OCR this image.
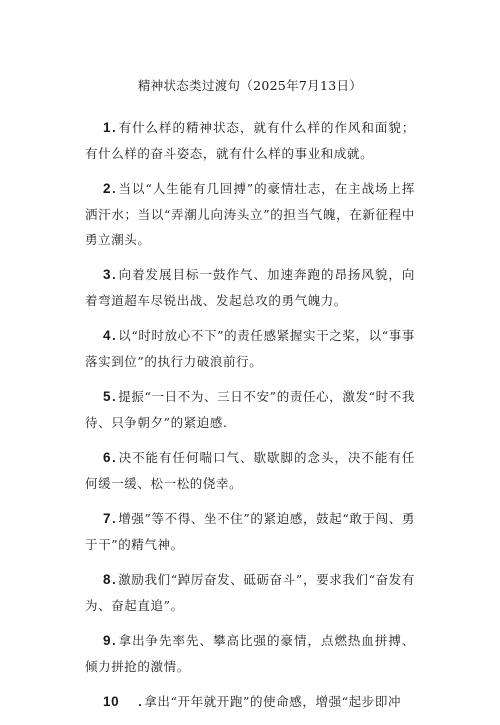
精神状态类过渡句（2025年7月13日）

1. 有什么样的精神状态，就有什么样的作风和面貌；有什么样的奋斗姿态，就有什么样的事业和成就。

2. 当以“人生能有几回搏”的豪情壮志，在主战场上挥洒汗水；当以“弄潮儿向涛头立”的担当气魄，在新征程中勇立潮头。

3. 向着发展目标一鼓作气、加速奔跑的昂扬风貌，向着弯道超车尽锐出战、发起总攻的勇气魄力。

4. 以“时时放心不下”的责任感紧握实干之桨，以“事事落实到位”的执行力破浪前行。

5. 提振“一日不为、三日不安”的责任心，激发“时不我待、只争朝夕”的紧迫感.

6. 决不能有任何喘口气、歇歇脚的念头，决不能有任何缓一缓、松一松的侥幸。

7. 增强”等不得、坐不住”的紧迫感，鼓起“敢于闯、勇于干”的精气神。

8. 激励我们“踔厉奋发、砥砺奋斗”，要求我们“奋发有为、奋起直追”。

9. 拿出争先率先、攀高比强的豪情，点燃热血拼搏、倾力拼抢的激情。

10 . 拿出“开年就开跑”的使命感，增强“起步即冲
